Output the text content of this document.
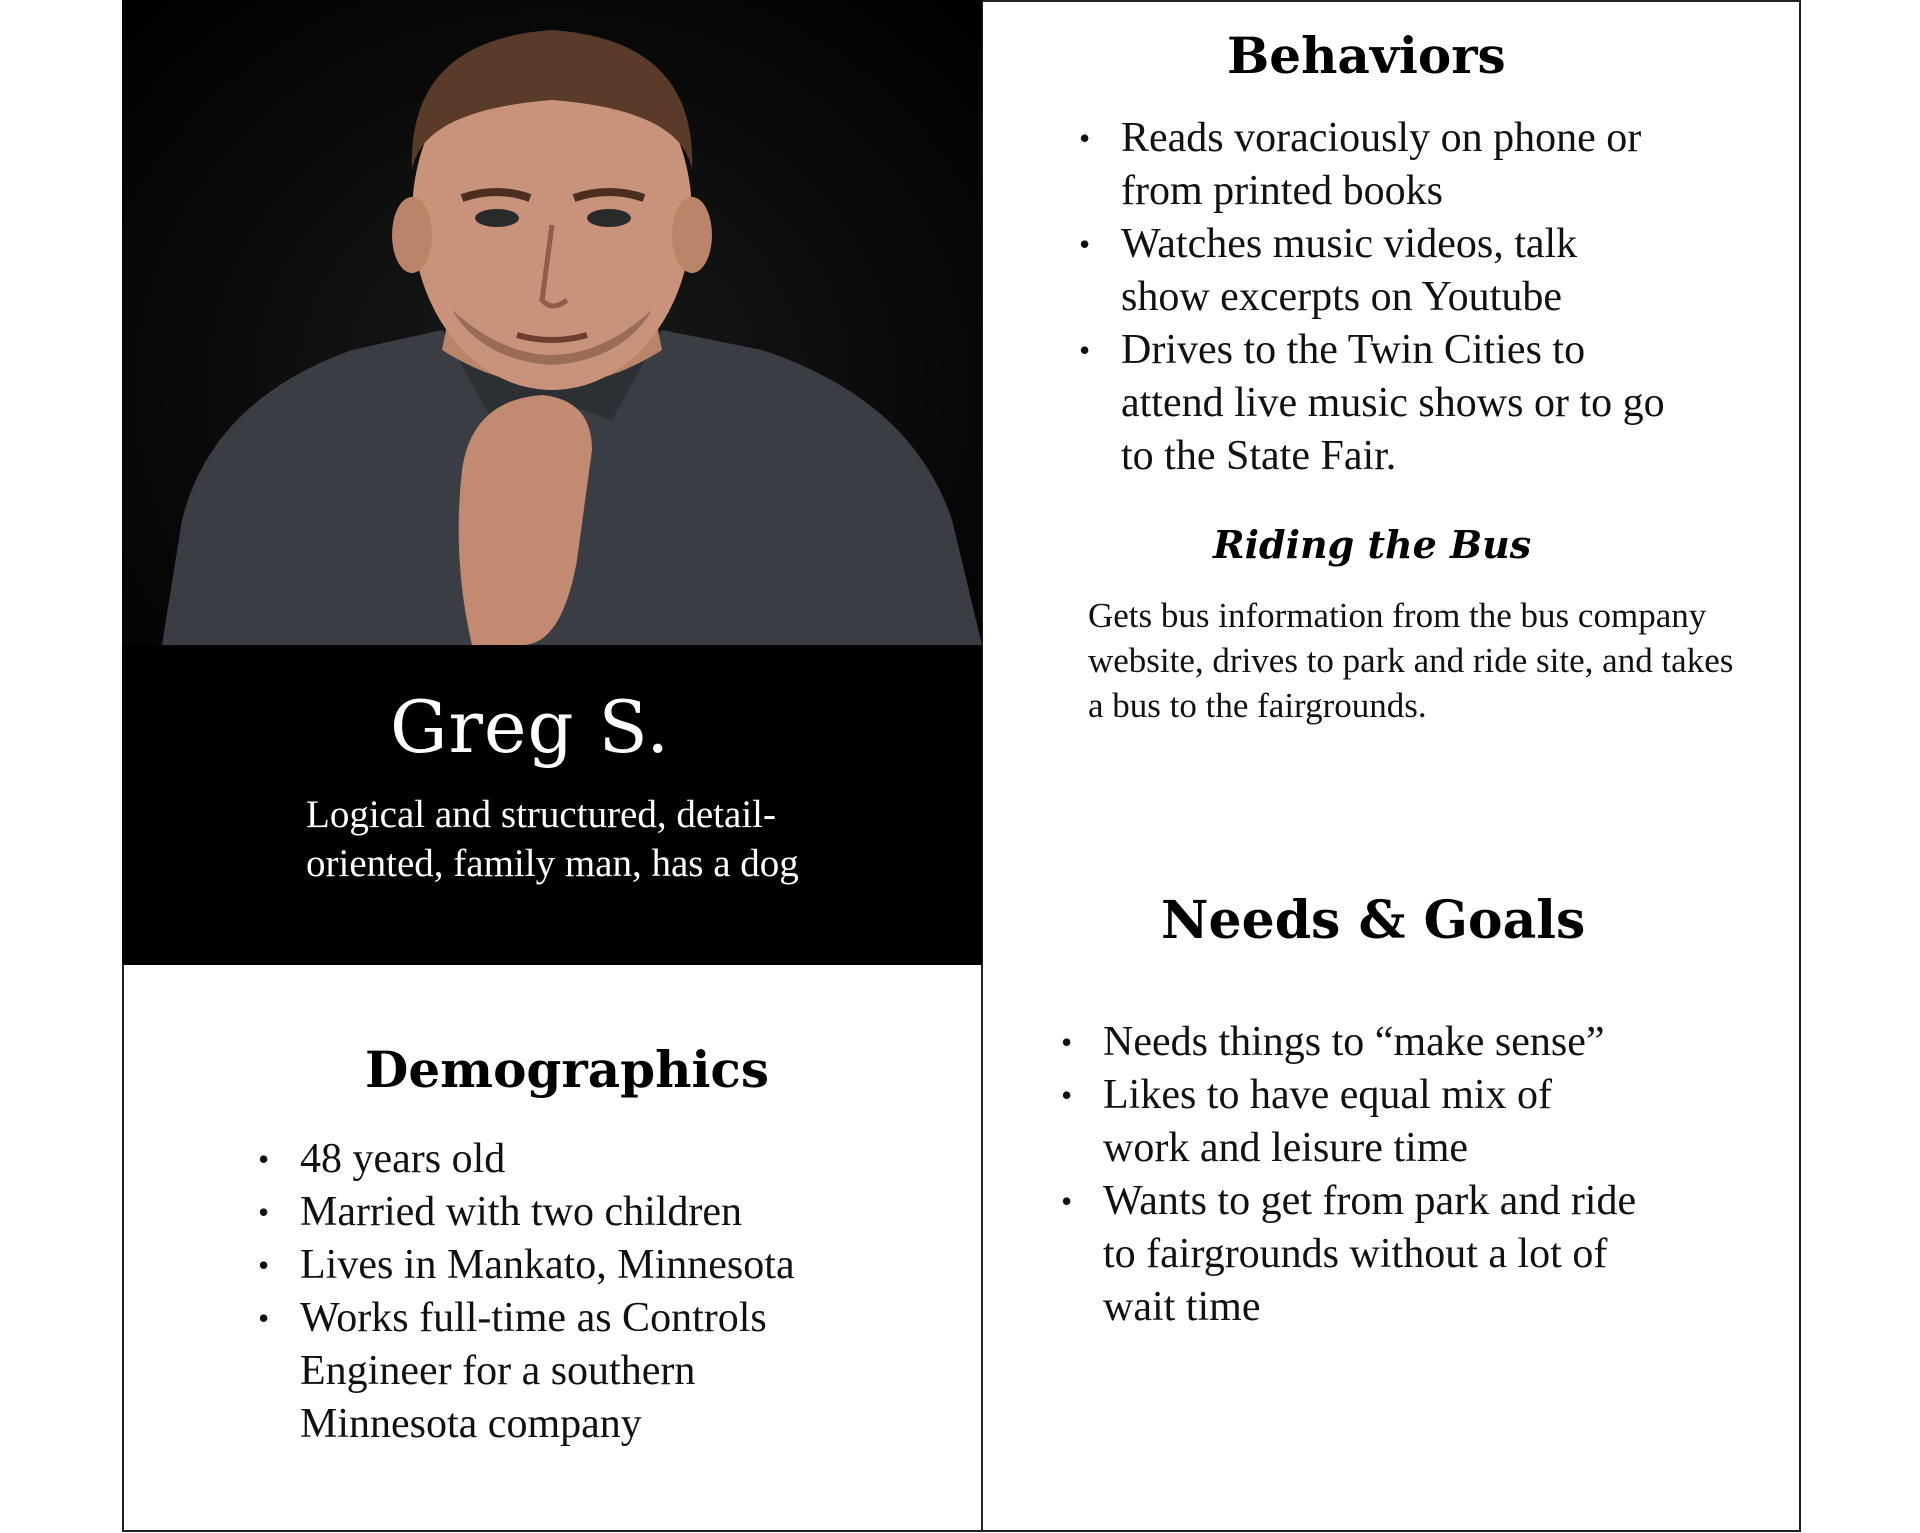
Greg S.

Logical and structured, detail-oriented, family man, has a dog

Demographics
• 48 years old
• Married with two children
• Lives in Mankato, Minnesota
• Works full-time as Controls Engineer for a southern Minnesota company
Behaviors
• Reads voraciously on phone or from printed books
• Watches music videos, talk show excerpts on Youtube
• Drives to the Twin Cities to attend live music shows or to go to the State Fair.
Riding the Bus

Gets bus information from the bus company website, drives to park and ride site, and takes a bus to the fairgrounds.

Needs & Goals
• Needs things to “make sense”
• Likes to have equal mix of work and leisure time
• Wants to get from park and ride to fairgrounds without a lot of wait time
